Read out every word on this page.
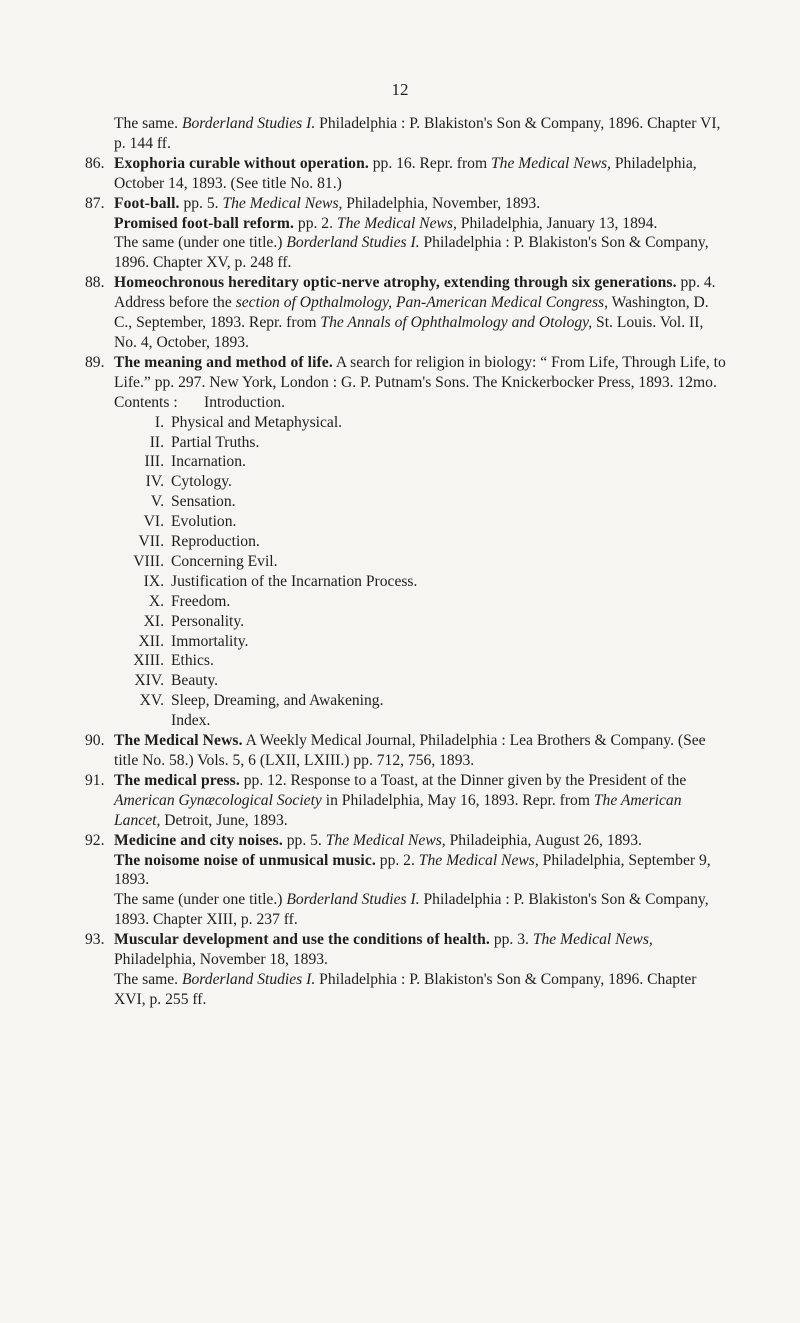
12

The same. Borderland Studies I. Philadelphia : P. Blakiston's Son & Company, 1896. Chapter VI, p. 144 ff.

86. Exophoria curable without operation. pp. 16. Repr. from The Medical News, Philadelphia, October 14, 1893. (See title No. 81.)

87. Foot-ball. pp. 5. The Medical News, Philadelphia, November, 1893.

Promised foot-ball reform. pp. 2. The Medical News, Philadelphia, January 13, 1894.

The same (under one title.) Borderland Studies I. Philadelphia : P. Blakiston's Son & Company, 1896. Chapter XV, p. 248 ff.

88. Homeochronous hereditary optic-nerve atrophy, extending through six generations. pp. 4. Address before the section of Opthalmology, Pan-American Medical Congress, Washington, D. C., September, 1893. Repr. from The Annals of Ophthalmology and Otology, St. Louis. Vol. II, No. 4, October, 1893.

89. The meaning and method of life. A search for religion in biology: “ From Life, Through Life, to Life.” pp. 297. New York, London : G. P. Putnam's Sons. The Knickerbocker Press, 1893. 12mo.

Contents :	Introduction.
I. Physical and Metaphysical.
II. Partial Truths.
III. Incarnation.
IV. Cytology.
V. Sensation.
VI. Evolution.
VII. Reproduction.
VIII. Concerning Evil.
IX. Justification of the Incarnation Process.
X. Freedom.
XI. Personality.
XII. Immortality.
XIII. Ethics.
XIV. Beauty.
XV. Sleep, Dreaming, and Awakening.
Index.
90. The Medical News. A Weekly Medical Journal, Philadelphia : Lea Brothers & Company. (See title No. 58.) Vols. 5, 6 (LXII, LXIII.) pp. 712, 756, 1893.

91. The medical press. pp. 12. Response to a Toast, at the Dinner given by the President of the American Gynæcological Society in Philadelphia, May 16, 1893. Repr. from The American Lancet, Detroit, June, 1893.

92. Medicine and city noises. pp. 5. The Medical News, Philadeiphia, August 26, 1893.

The noisome noise of unmusical music. pp. 2. The Medical News, Philadelphia, September 9, 1893.

The same (under one title.) Borderland Studies I. Philadelphia : P. Blakiston's Son & Company, 1893. Chapter XIII, p. 237 ff.

93. Muscular development and use the conditions of health. pp. 3. The Medical News, Philadelphia, November 18, 1893.

The same. Borderland Studies I. Philadelphia : P. Blakiston's Son & Company, 1896. Chapter XVI, p. 255 ff.
